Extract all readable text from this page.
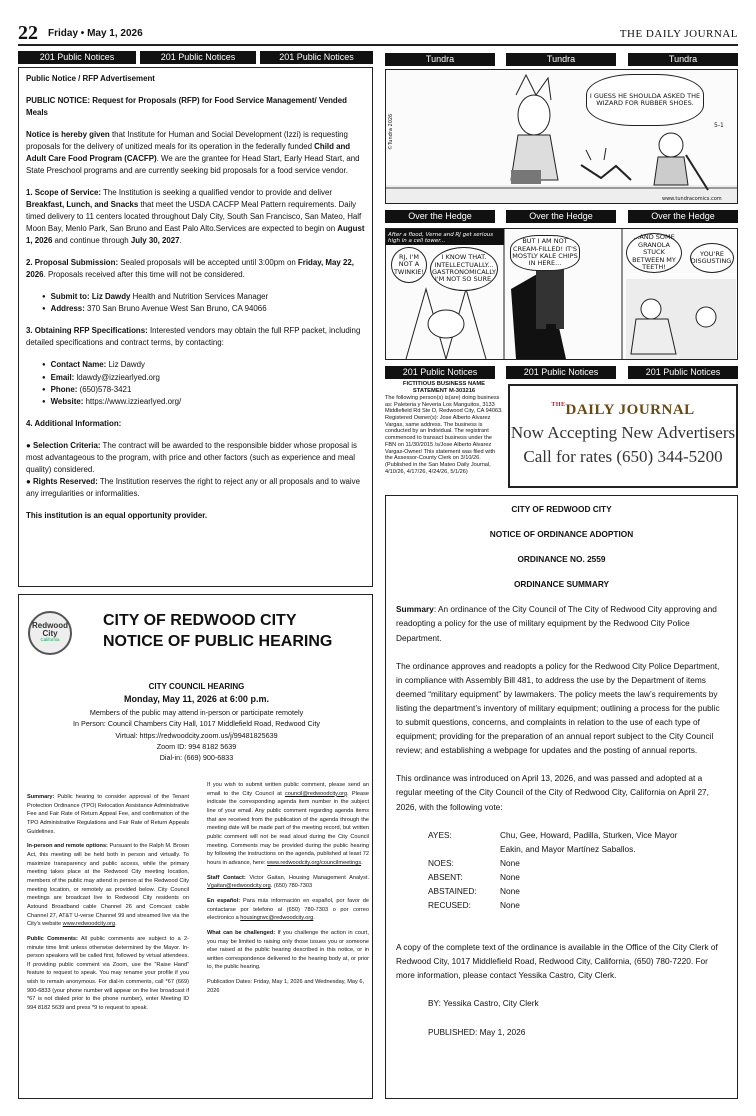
22 Friday • May 1, 2026	THE DAILY JOURNAL
201 Public Notices	201 Public Notices	201 Public Notices	Tundra	Tundra	Tundra

Public Notice / RFP Advertisement

PUBLIC NOTICE: Request for Proposals (RFP) for Food Service Management/ Vended Meals

Notice is hereby given that Institute for Human and Social Development (Izzi) is requesting proposals for the delivery of unitized meals for its operation in the federally funded Child and Adult Care Food Program (CACFP). We are the grantee for Head Start, Early Head Start, and State Preschool programs and are currently seeking bid proposals for a food service vendor.

1. Scope of Service: The Institution is seeking a qualified vendor to provide and deliver Breakfast, Lunch, and Snacks that meet the USDA CACFP Meal Pattern requirements. Daily timed delivery to 11 centers located throughout Daly City, South San Francisco, San Mateo, Half Moon Bay, Menlo Park, San Bruno and East Palo Alto.Services are expected to begin on August 1, 2026 and continue through July 30, 2027.

2. Proposal Submission: Sealed proposals will be accepted until 3:00pm on Friday, May 22, 2026. Proposals received after this time will not be considered.

● Submit to: Liz Dawdy Health and Nutrition Services Manager
● Address: 370 San Bruno Avenue West San Bruno, CA 94066

3. Obtaining RFP Specifications: Interested vendors may obtain the full RFP packet, including detailed specifications and contract terms, by contacting:

● Contact Name: Liz Dawdy
● Email: ldawdy@izziearlyed.org
● Phone: (650)578-3421
● Website: https://www.izziearlyed.org/

4. Additional Information:

● Selection Criteria: The contract will be awarded to the responsible bidder whose proposal is most advantageous to the program, with price and other factors (such as experience and meal quality) considered.

● Rights Reserved: The Institution reserves the right to reject any or all proposals and to waive any irregularities or informalities.

This institution is an equal opportunity provider.

I GUESS HE SHOULDA ASKED THE WIZARD FOR RUBBER SHOES.
©Tundra 2026	5-1
www.tundracomics.com
Over the Hedge	Over the Hedge	Over the Hedge
After a flood, Verne and RJ get serious high in a cell tower...
RJ, I'M NOT A TWINKIE!
I KNOW THAT. INTELLECTUALLY... GASTRONOMICALLY I'M NOT SO SURE.
BUT I AM NOT CREAM-FILLED! IT'S MOSTLY KALE CHIPS IN HERE...
...AND SOME GRANOLA STUCK BETWEEN MY TEETH!
YOU'RE DISGUSTING.
201 Public Notices	201 Public Notices	201 Public Notices
FICTITIOUS BUSINESS NAME STATEMENT M-303216
The following person(s) is(are) doing business as: Paleteria y Neveria Los Manguitos, 3133 Middlefield Rd Ste D, Redwood City, CA 94063. Registered Owner(s): Jose Alberto Alvarez Vargas, same address. The business is conducted by an Individual. The registrant commenced to transact business under the FBN on 11/30/2015 /s/Jose Alberto Alvarez Vargas-Owner/ This statement was filed with the Assessor-County Clerk on 3/10/26. (Published in the San Mateo Daily Journal, 4/10/26, 4/17/26, 4/24/26, 5/1/26)
$^{THE}$DAILY JOURNAL
Now Accepting New Advertisers
Call for rates (650) 344-5200
CITY OF REDWOOD CITY
NOTICE OF ORDINANCE ADOPTION
ORDINANCE NO. 2559
ORDINANCE SUMMARY

Summary: An ordinance of the City Council of The City of Redwood City approving and readopting a policy for the use of military equipment by the Redwood City Police Department.

The ordinance approves and readopts a policy for the Redwood City Police Department, in compliance with Assembly Bill 481, to address the use by the Department of items deemed “military equipment” by lawmakers. The policy meets the law’s requirements by listing the department’s inventory of military equipment; outlining a process for the public to submit questions, concerns, and complaints in relation to the use of each type of equipment; providing for the preparation of an annual report subject to the City Council review; and establishing a webpage for updates and the posting of annual reports.

This ordinance was introduced on April 13, 2026, and was passed and adopted at a regular meeting of the City Council of the City of Redwood City, California on April 27, 2026, with the following vote:

AYES:	Chu, Gee, Howard, Padilla, Sturken, Vice Mayor Eakin, and Mayor Martínez Saballos.
NOES:	None
ABSENT:	None
ABSTAINED:	None
RECUSED:	None

A copy of the complete text of the ordinance is available in the Office of the City Clerk of Redwood City, 1017 Middlefield Road, Redwood City, California, (650) 780-7220. For more information, please contact Yessika Castro, City Clerk.

BY: Yessika Castro, City Clerk

PUBLISHED: May 1, 2026

Redwood
City
California
CITY OF REDWOOD CITY
NOTICE OF PUBLIC HEARING
CITY COUNCIL HEARING
Monday, May 11, 2026 at 6:00 p.m.
Members of the public may attend in-person or participate remotely
In Person: Council Chambers City Hall, 1017 Middlefield Road, Redwood City
Virtual: https://redwoodcity.zoom.us/j/99481825639
Zoom ID: 994 8182 5639
Dial-in: (669) 900-6833

Summary: Public hearing to consider approval of the Tenant Protection Ordinance (TPO) Relocation Assistance Administrative Fee and Fair Rate of Return Appeal Fee, and confirmation of the TPO Administrative Regulations and Fair Rate of Return Appeals Guidelines.

In-person and remote options: Pursuant to the Ralph M. Brown Act, this meeting will be held both in person and virtually. To maximize transparency and public access, while the primary meeting takes place at the Redwood City meeting location, members of the public may attend in person at the Redwood City meeting location, or remotely as provided below. City Council meetings are broadcast live to Redwood City residents on Astound Broadband cable Channel 26 and Comcast cable Channel 27, AT&T U-verse Channel 99 and streamed live via the City’s website www.redwoodcity.org.

Public Comments: All public comments are subject to a 2-minute time limit unless otherwise determined by the Mayor. In-person speakers will be called first, followed by virtual attendees. If providing public comment via Zoom, use the “Raise Hand” feature to request to speak. You may rename your profile if you wish to remain anonymous. For dial-in comments, call *67 (669) 900-6833 (your phone number will appear on the live broadcast if *67 is not dialed prior to the phone number), enter Meeting ID 994 8182 5639 and press *9 to request to speak.

If you wish to submit written public comment, please send an email to the City Council at council@redwoodcity.org. Please indicate the corresponding agenda item number in the subject line of your email. Any public comment regarding agenda items that are received from the publication of the agenda through the meeting date will be made part of the meeting record, but written public comment will not be read aloud during the City Council meeting. Comments may be provided during the public hearing by following the instructions on the agenda, published at least 72 hours in advance, here: www.redwoodcity.org/councilmeetings.

Staff Contact: Victor Gaitan, Housing Management Analyst. Vgaitan@redwoodcity.org. (650) 780-7303

En español: Para más información en español, por favor de contactarse por telefono al (650) 780-7303 o por correo electronico a housingrwc@redwoodcity.org.

What can be challenged: If you challenge the action in court, you may be limited to raising only those issues you or someone else raised at the public hearing described in this notice, or in written correspondence delivered to the hearing body at, or prior to, the public hearing.

Publication Dates: Friday, May 1, 2026 and Wednesday, May 6, 2026
